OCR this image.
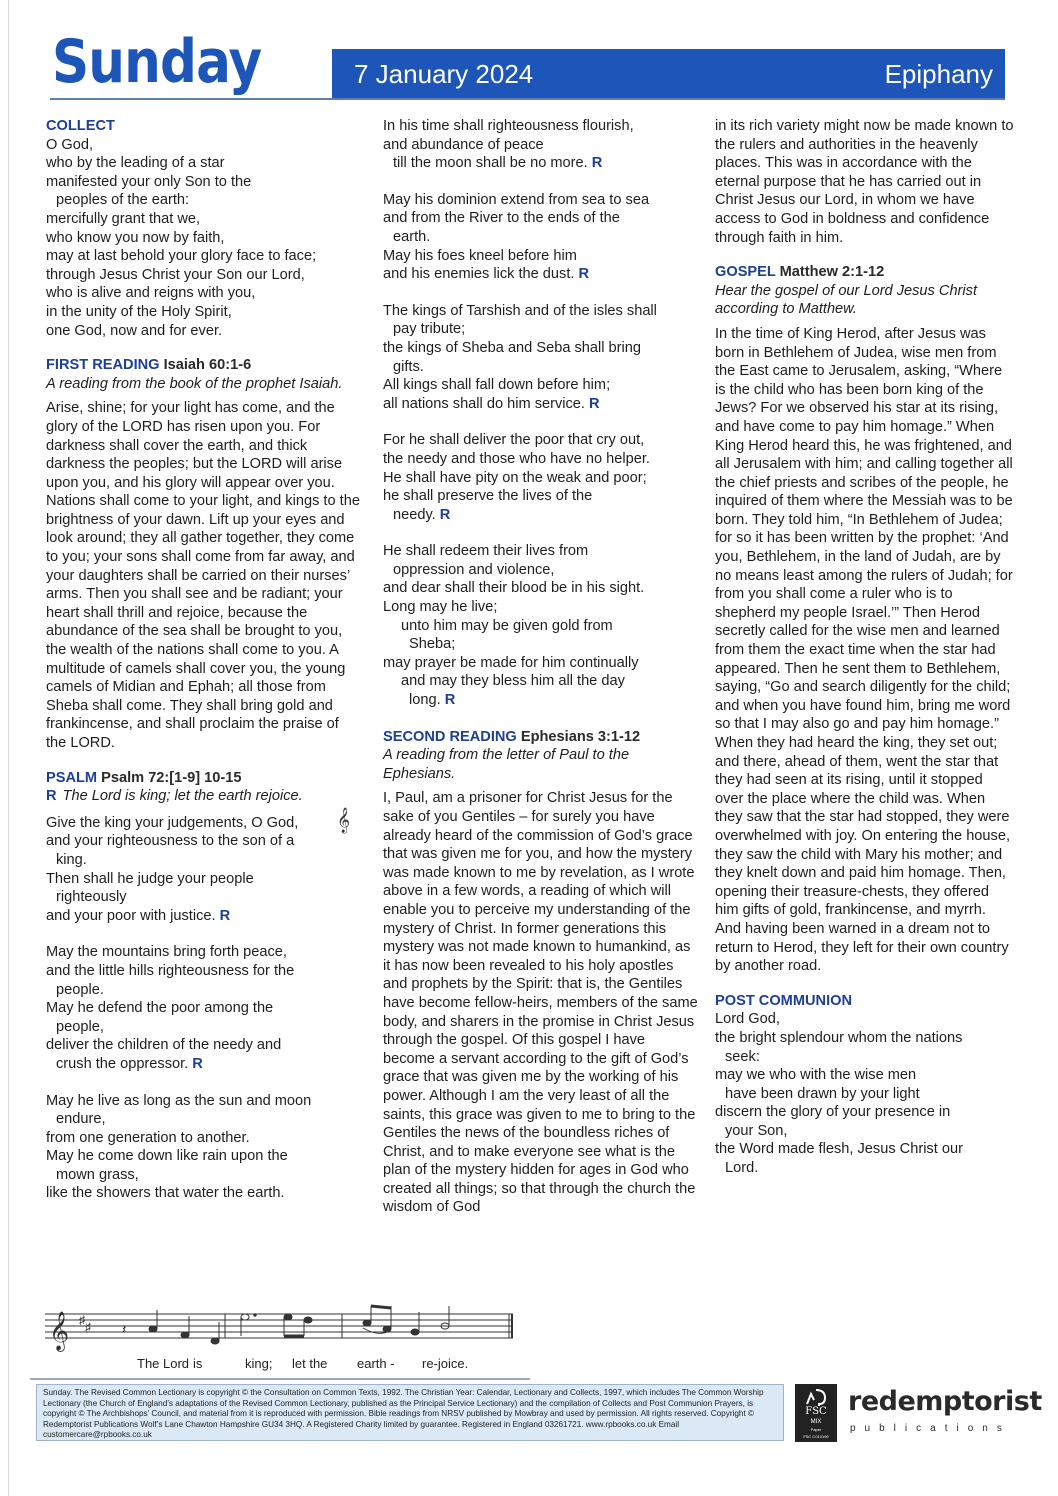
Sunday	7 January 2024	Epiphany
COLLECT
O God,
who by the leading of a star
manifested your only Son to the
peoples of the earth:
mercifully grant that we,
who know you now by faith,
may at last behold your glory face to face;
through Jesus Christ your Son our Lord,
who is alive and reigns with you,
in the unity of the Holy Spirit,
one God, now and for ever.
FIRST READING Isaiah 60:1-6
A reading from the book of the prophet Isaiah.
Arise, shine; for your light has come, and the glory of the LORD has risen upon you. For darkness shall cover the earth, and thick darkness the peoples; but the LORD will arise upon you, and his glory will appear over you. Nations shall come to your light, and kings to the brightness of your dawn. Lift up your eyes and look around; they all gather together, they come to you; your sons shall come from far away, and your daughters shall be carried on their nurses’ arms. Then you shall see and be radiant; your heart shall thrill and rejoice, because the abundance of the sea shall be brought to you, the wealth of the nations shall come to you. A multitude of camels shall cover you, the young camels of Midian and Ephah; all those from Sheba shall come. They shall bring gold and frankincense, and shall proclaim the praise of the LORD.
PSALM Psalm 72:[1-9] 10-15
R The Lord is king; let the earth rejoice.
Give the king your judgements, O God,
and your righteousness to the son of a
king.
Then shall he judge your people
righteously
and your poor with justice. R
May the mountains bring forth peace,
and the little hills righteousness for the
people.
May he defend the poor among the
people,
deliver the children of the needy and
crush the oppressor. R
May he live as long as the sun and moon
endure,
from one generation to another.
May he come down like rain upon the
mown grass,
like the showers that water the earth.
𝄞
In his time shall righteousness flourish,
and abundance of peace
till the moon shall be no more. R
May his dominion extend from sea to sea
and from the River to the ends of the
earth.
May his foes kneel before him
and his enemies lick the dust. R
The kings of Tarshish and of the isles shall
pay tribute;
the kings of Sheba and Seba shall bring
gifts.
All kings shall fall down before him;
all nations shall do him service. R
For he shall deliver the poor that cry out,
the needy and those who have no helper.
He shall have pity on the weak and poor;
he shall preserve the lives of the
needy. R
He shall redeem their lives from
oppression and violence,
and dear shall their blood be in his sight.
Long may he live;
unto him may be given gold from
Sheba;
may prayer be made for him continually
and may they bless him all the day
long. R
SECOND READING Ephesians 3:1-12
A reading from the letter of Paul to the Ephesians.
I, Paul, am a prisoner for Christ Jesus for the sake of you Gentiles – for surely you have already heard of the commission of God’s grace that was given me for you, and how the mystery was made known to me by revelation, as I wrote above in a few words, a reading of which will enable you to perceive my understanding of the mystery of Christ. In former generations this mystery was not made known to humankind, as it has now been revealed to his holy apostles and prophets by the Spirit: that is, the Gentiles have become fellow-heirs, members of the same body, and sharers in the promise in Christ Jesus through the gospel. Of this gospel I have become a servant according to the gift of God’s grace that was given me by the working of his power. Although I am the very least of all the saints, this grace was given to me to bring to the Gentiles the news of the boundless riches of Christ, and to make everyone see what is the plan of the mystery hidden for ages in God who created all things; so that through the church the wisdom of God
in its rich variety might now be made known to the rulers and authorities in the heavenly places. This was in accordance with the eternal purpose that he has carried out in Christ Jesus our Lord, in whom we have access to God in boldness and confidence through faith in him.
GOSPEL Matthew 2:1-12
Hear the gospel of our Lord Jesus Christ according to Matthew.
In the time of King Herod, after Jesus was born in Bethlehem of Judea, wise men from the East came to Jerusalem, asking, “Where is the child who has been born king of the Jews? For we observed his star at its rising, and have come to pay him homage.” When King Herod heard this, he was frightened, and all Jerusalem with him; and calling together all the chief priests and scribes of the people, he inquired of them where the Messiah was to be born. They told him, “In Bethlehem of Judea; for so it has been written by the prophet: ‘And you, Bethlehem, in the land of Judah, are by no means least among the rulers of Judah; for from you shall come a ruler who is to shepherd my people Israel.’” Then Herod secretly called for the wise men and learned from them the exact time when the star had appeared. Then he sent them to Bethlehem, saying, “Go and search diligently for the child; and when you have found him, bring me word so that I may also go and pay him homage.” When they had heard the king, they set out; and there, ahead of them, went the star that they had seen at its rising, until it stopped over the place where the child was. When they saw that the star had stopped, they were overwhelmed with joy. On entering the house, they saw the child with Mary his mother; and they knelt down and paid him homage. Then, opening their treasure-chests, they offered him gifts of gold, frankincense, and myrrh. And having been warned in a dream not to return to Herod, they left for their own country by another road.
POST COMMUNION
Lord God,
the bright splendour whom the nations
seek:
may we who with the wise men
have been drawn by your light
discern the glory of your presence in
your Son,
the Word made flesh, Jesus Christ our
Lord.
𝄞 ♯ ♯ 𝄽
The Lord is	king; let the earth - re-joice.
Sunday. The Revised Common Lectionary is copyright © the Consultation on Common Texts, 1992. The Christian Year: Calendar, Lectionary and Collects, 1997, which includes The Common Worship Lectionary (the Church of England’s adaptations of the Revised Common Lectionary, published as the Principal Service Lectionary) and the compilation of Collects and Post Communion Prayers, is copyright © The Archbishops’ Council, and material from it is reproduced with permission. Bible readings from NRSV published by Mowbray and used by permission. All rights reserved. Copyright © Redemptorist Publications Wolf’s Lane Chawton Hampshire GU34 3HQ. A Registered Charity limited by guarantee. Registered in England 03261721. www.rpbooks.co.uk Email customercare@rpbooks.co.uk
FSC
MIX
Paper
FSC C010199
redemptorist
publications
